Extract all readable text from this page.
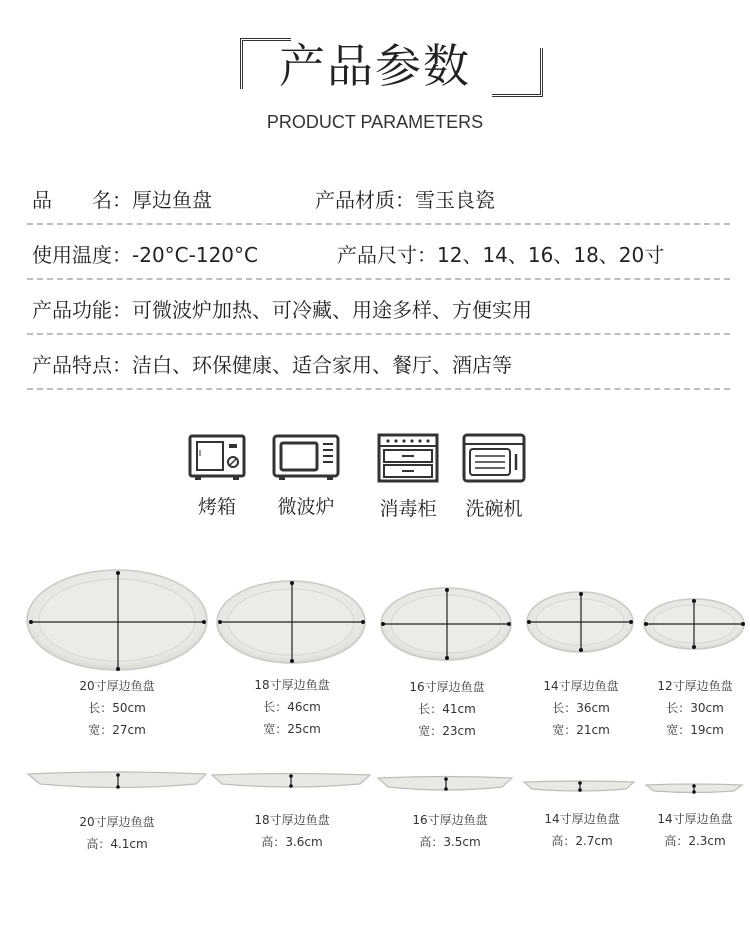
产品参数
PRODUCT PARAMETERS
品　　名：厚边鱼盘	产品材质：雪玉良瓷
使用温度：-20°C-120°C	产品尺寸：12、14、16、18、20寸
产品功能：可微波炉加热、可冷藏、用途多样、方便实用
产品特点：洁白、环保健康、适合家用、餐厅、酒店等
烤箱	微波炉	消毒柜	洗碗机
20寸厚边鱼盘
长：50cm
宽：27cm
18寸厚边鱼盘
长：46cm
宽：25cm
16寸厚边鱼盘
长：41cm
宽：23cm
14寸厚边鱼盘
长：36cm
宽：21cm
12寸厚边鱼盘
长：30cm
宽：19cm
20寸厚边鱼盘
高：4.1cm
18寸厚边鱼盘
高：3.6cm
16寸厚边鱼盘
高：3.5cm
14寸厚边鱼盘
高：2.7cm
14寸厚边鱼盘
高：2.3cm
